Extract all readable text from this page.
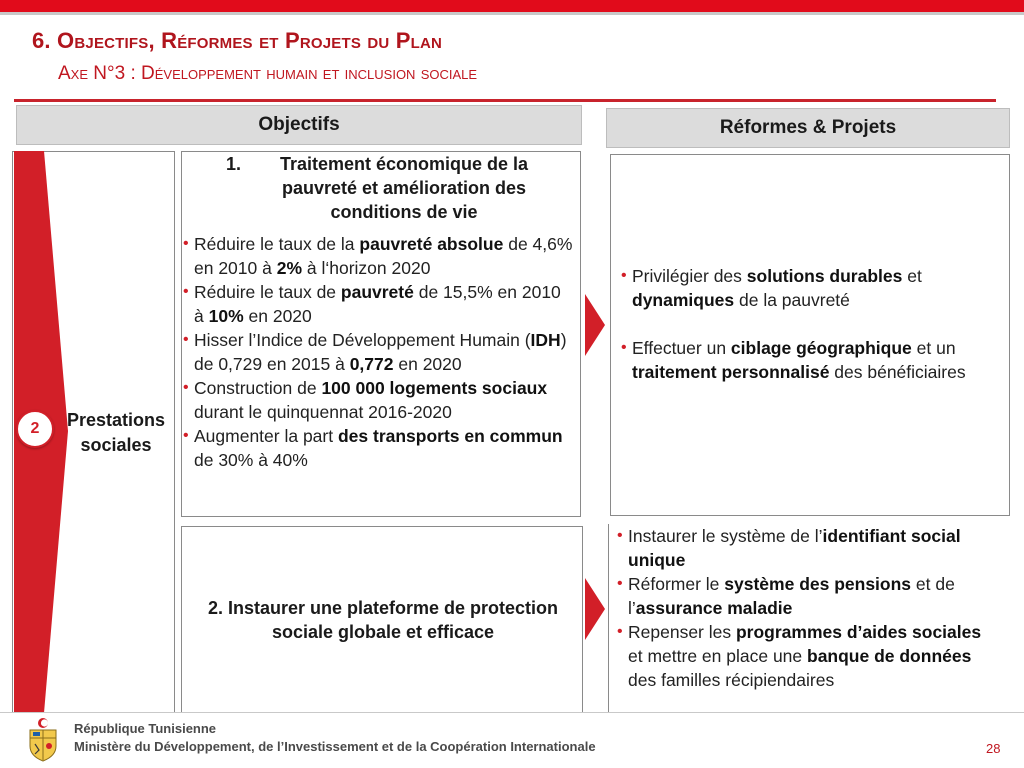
6. Objectifs, Réformes et Projets du Plan
Axe N°3 : Développement humain et inclusion sociale
Objectifs	Réformes & Projets
2	Prestations
sociales
1.	Traitement économique de la
pauvreté et amélioration des
conditions de vie
• Réduire le taux de la pauvreté absolue de 4,6% en 2010 à 2% à l‘horizon 2020
• Réduire le taux de pauvreté de 15,5% en 2010 à 10% en 2020
• Hisser l’Indice de Développement Humain (IDH) de 0,729 en 2015 à 0,772 en 2020
• Construction de 100 000 logements sociaux durant le quinquennat 2016-2020
• Augmenter la part des transports en commun de 30% à 40%
• Privilégier des solutions durables et dynamiques de la pauvreté
• Effectuer un ciblage géographique et un traitement personnalisé des bénéficiaires
2. Instaurer une plateforme de protection
sociale globale et efficace
• Instaurer le système de l’identifiant social unique
• Réformer le système des pensions et de l’assurance maladie
• Repenser les programmes d’aides sociales et mettre en place une banque de données des familles récipiendaires
République Tunisienne
Ministère du Développement, de l’Investissement et de la Coopération Internationale	28
